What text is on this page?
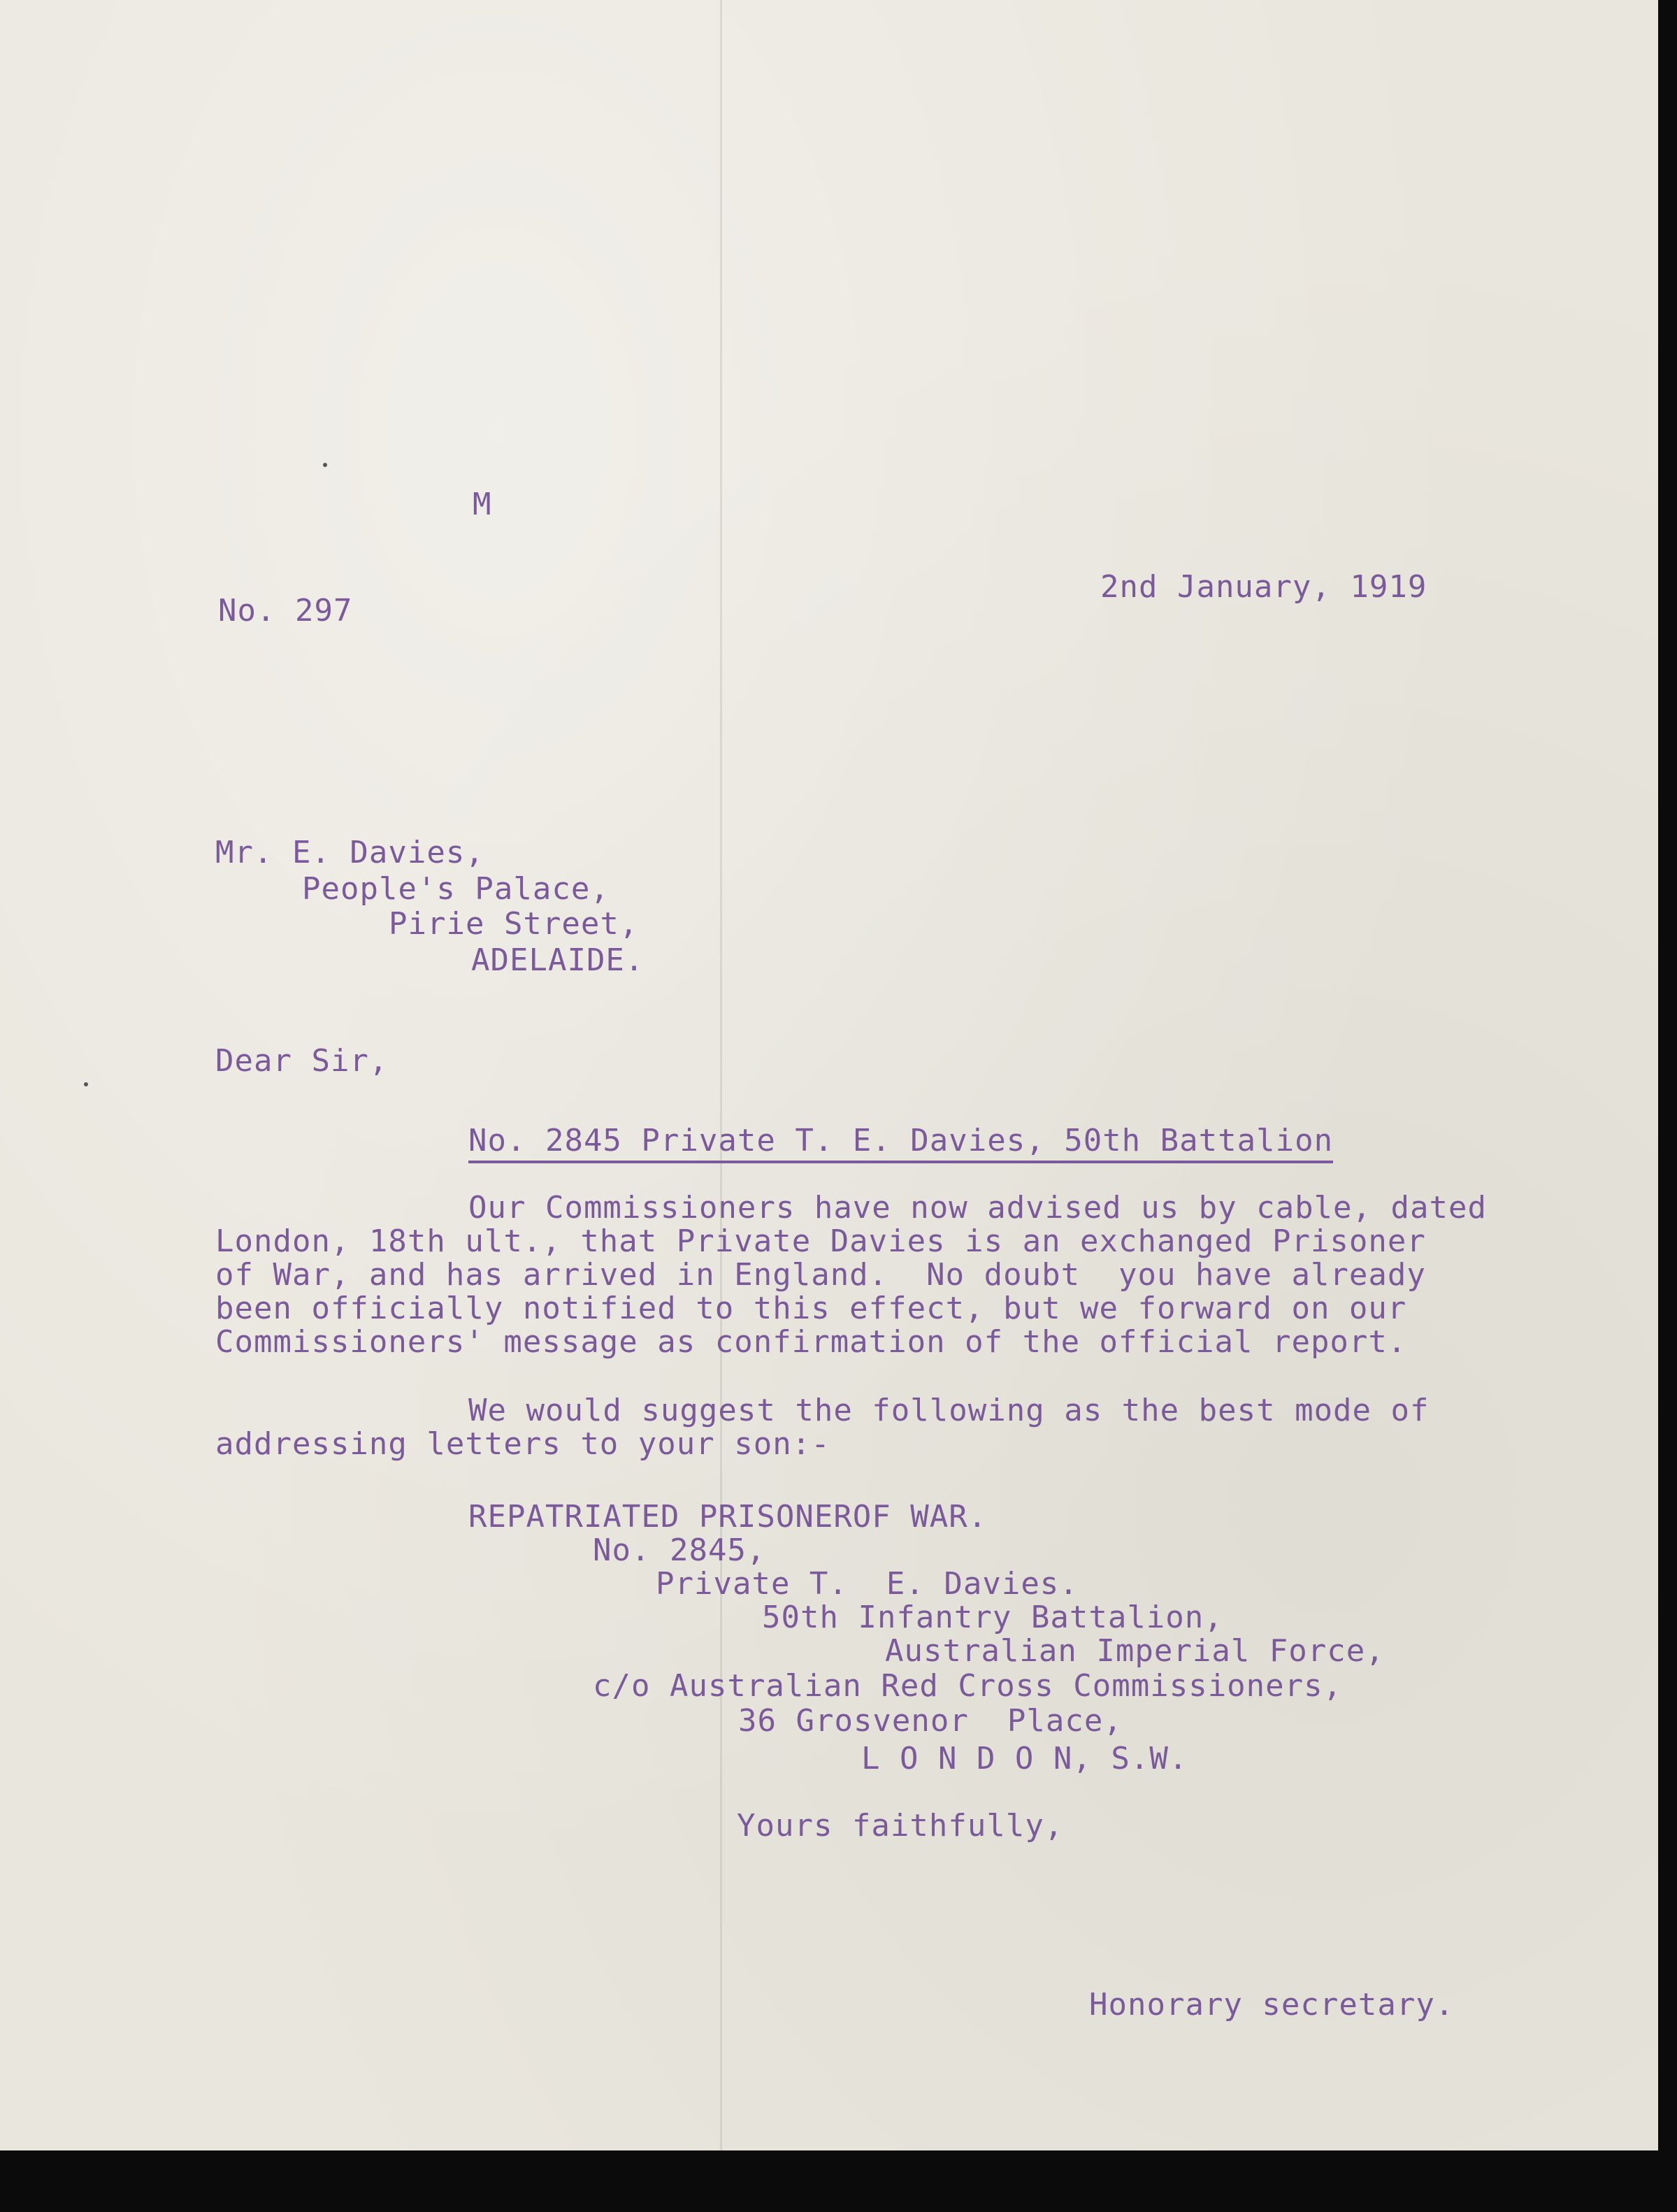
M
No. 297
2nd January, 1919
Mr. E. Davies,
People's Palace,
Pirie Street,
ADELAIDE.
Dear Sir,
No. 2845 Private T. E. Davies, 50th Battalion
Our Commissioners have now advised us by cable, dated
London, 18th ult., that Private Davies is an exchanged Prisoner
of War, and has arrived in England.  No doubt  you have already
been officially notified to this effect, but we forward on our
Commissioners' message as confirmation of the official report.
We would suggest the following as the best mode of
addressing letters to your son:-
REPATRIATED PRISONEROF WAR.
No. 2845,
Private T.  E. Davies.
50th Infantry Battalion,
Australian Imperial Force,
c/o Australian Red Cross Commissioners,
36 Grosvenor  Place,
L O N D O N, S.W.
Yours faithfully,
Honorary secretary.
